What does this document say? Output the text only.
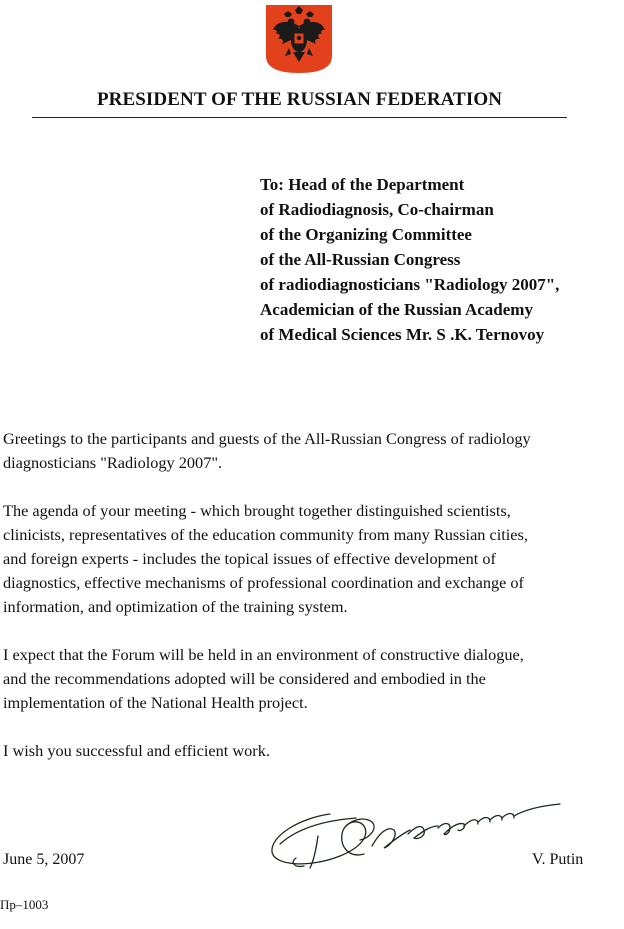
PRESIDENT OF THE RUSSIAN FEDERATION
To: Head of the Department
of Radiodiagnosis, Co-chairman
of the Organizing Committee
of the All-Russian Congress
of radiodiagnosticians "Radiology 2007",
Academician of the Russian Academy
of Medical Sciences Mr. S .K. Ternovoy

Greetings to the participants and guests of the All-Russian Congress of radiology
diagnosticians "Radiology 2007".

The agenda of your meeting - which brought together distinguished scientists,
clinicists, representatives of the education community from many Russian cities,
and foreign experts - includes the topical issues of effective development of
diagnostics, effective mechanisms of professional coordination and exchange of
information, and optimization of the training system.

I expect that the Forum will be held in an environment of constructive dialogue,
and the recommendations adopted will be considered and embodied in the
implementation of the National Health project.

I wish you successful and efficient work.

June 5, 2007	V. Putin
Пр–1003
